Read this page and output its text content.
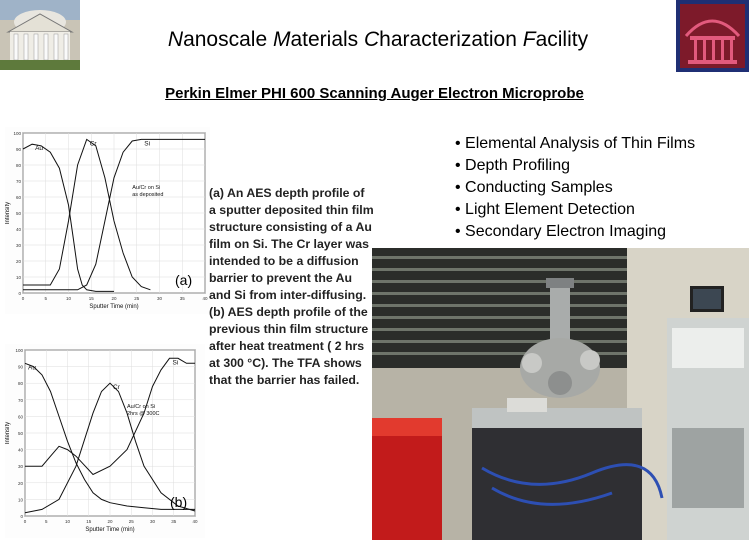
Nanoscale Materials Characterization Facility
Perkin Elmer PHI 600 Scanning Auger Electron Microprobe
• Elemental Analysis of Thin Films
• Depth Profiling
• Conducting Samples
• Light Element Detection
• Secondary Electron Imaging
0
10
20
30
40
50
60
70
80
90
100
0	5	10	15	20	25	30	35	40
Au
Cr	Si
Au/Cr on Si
as deposited
Sputter Time (min)
Intensity
(a)
0
10
20
30
40
50
60
70
80
90
100
0	5	10	15	20	25	30	35	40
Au
Cr
Si
Au/Cr on Si
2hrs @ 300C
Sputter Time (min)
Intensity
(b)
(a) An AES depth profile of a sputter deposited thin film structure consisting of a Au film on Si. The Cr layer was intended to be a diffusion barrier to prevent the Au and Si from inter-diffusing. (b) AES depth profile of the previous thin film structure after heat treatment ( 2 hrs at 300 °C). The TFA shows that the barrier has failed.
